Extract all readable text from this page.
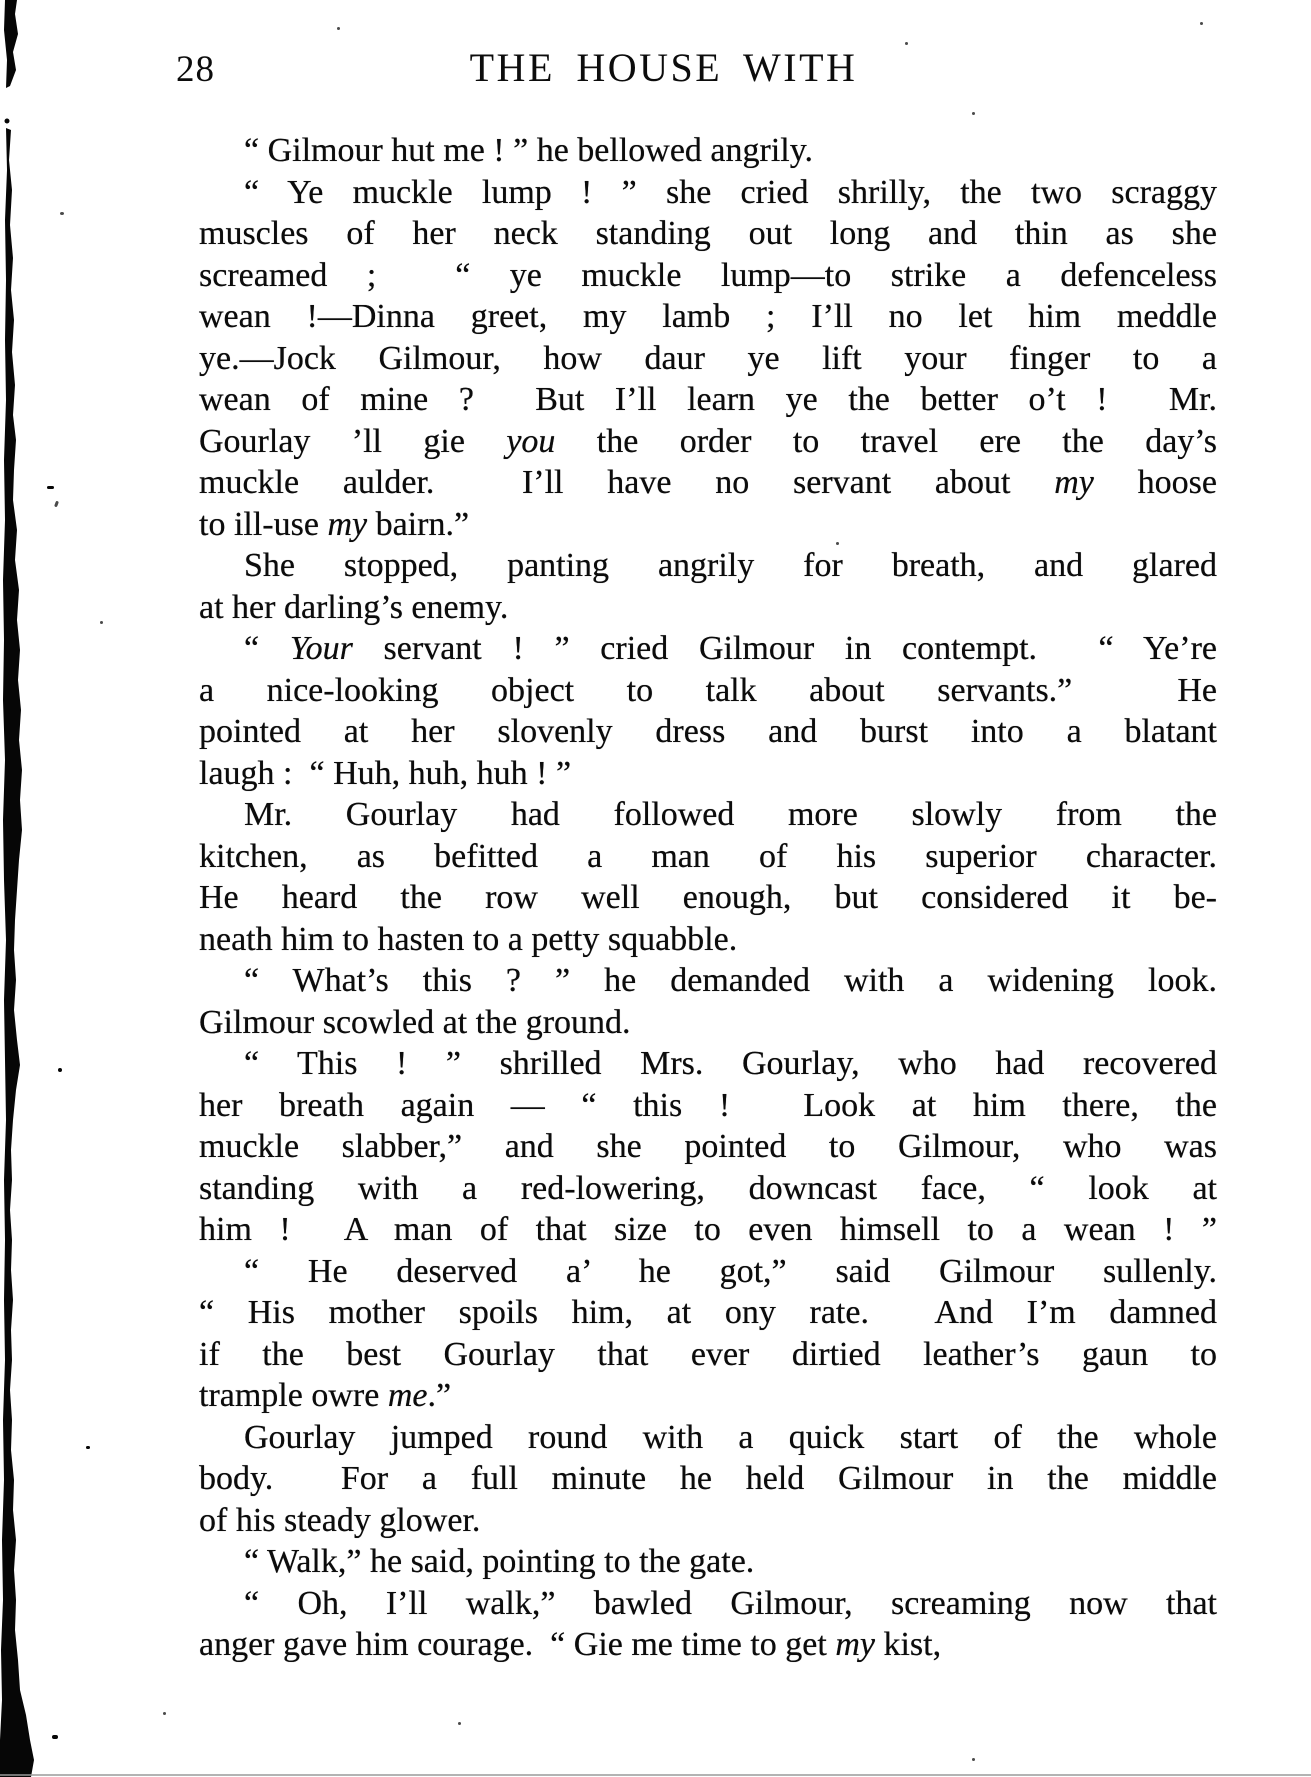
28	THE HOUSE WITH
“ Gilmour hut me ! ” he bellowed angrily.
“ Ye muckle lump ! ” she cried shrilly, the two scraggy
muscles of her neck standing out long and thin as she
screamed ;  “ ye muckle lump—to strike a defenceless
wean !—Dinna greet, my lamb ; I’ll no let him meddle
ye.—Jock Gilmour, how daur ye lift your finger to a
wean of mine ?  But I’ll learn ye the better o’t !  Mr.
Gourlay ’ll gie you the order to travel ere the day’s
muckle aulder.  I’ll have no servant about my hoose
to ill-use my bairn.”
She stopped, panting angrily for breath, and glared
at her darling’s enemy.
“ Your servant ! ” cried Gilmour in contempt.  “ Ye’re
a nice-looking object to talk about servants.”  He
pointed at her slovenly dress and burst into a blatant
laugh :  “ Huh, huh, huh ! ”
Mr. Gourlay had followed more slowly from the
kitchen, as befitted a man of his superior character.
He heard the row well enough, but considered it be-
neath him to hasten to a petty squabble.
“ What’s this ? ” he demanded with a widening look.
Gilmour scowled at the ground.
“ This ! ” shrilled Mrs. Gourlay, who had recovered
her breath again — “ this !  Look at him there, the
muckle slabber,” and she pointed to Gilmour, who was
standing with a red-lowering, downcast face, “ look at
him !  A man of that size to even himsell to a wean ! ”
“ He deserved a’ he got,” said Gilmour sullenly.
“ His mother spoils him, at ony rate.  And I’m damned
if the best Gourlay that ever dirtied leather’s gaun to
trample owre me.”
Gourlay jumped round with a quick start of the whole
body.  For a full minute he held Gilmour in the middle
of his steady glower.
“ Walk,” he said, pointing to the gate.
“ Oh, I’ll walk,” bawled Gilmour, screaming now that
anger gave him courage.  “ Gie me time to get my kist,
